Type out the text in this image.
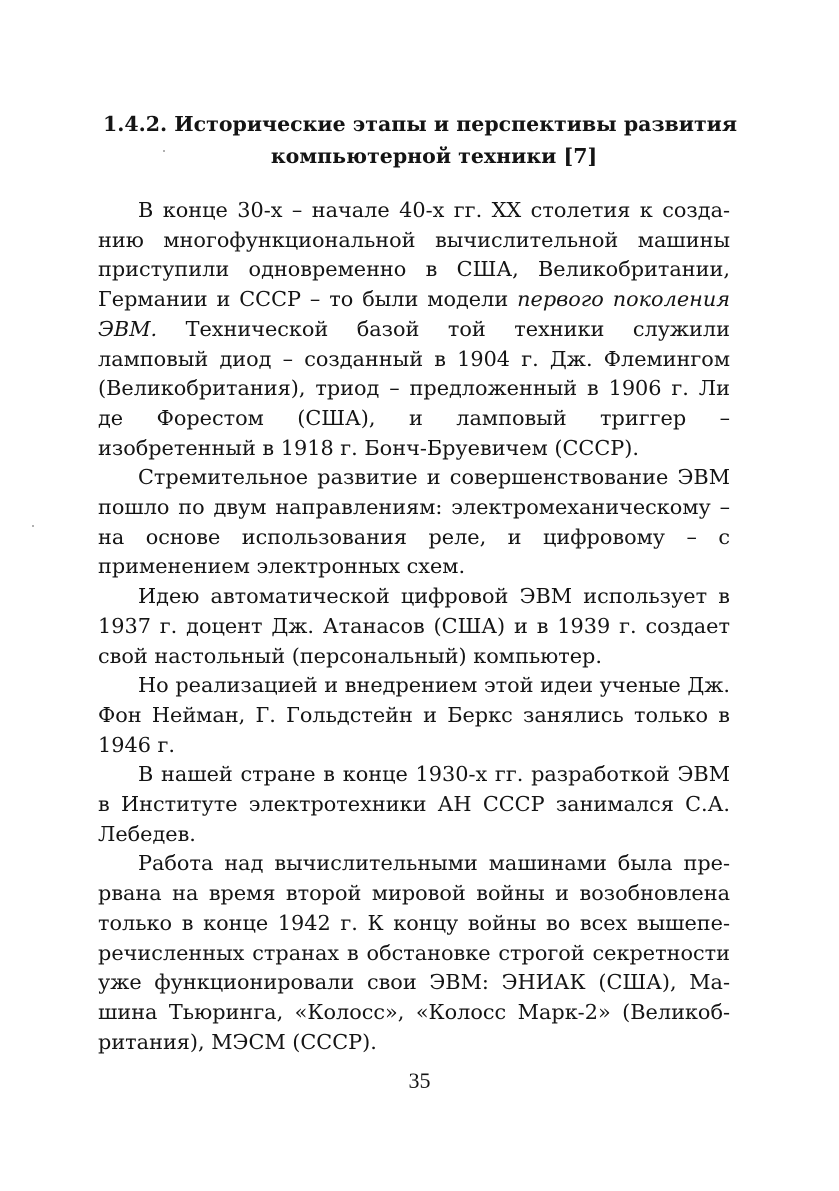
1.4.2. Исторические этапы и перспективы развития
компьютерной техники [7]

В конце 30-х – начале 40-х гг. XX столетия к созданию многофункциональной вычислительной машины приступили одновременно в США, Великобритании, Германии и СССР – то были модели первого поколения ЭВМ. Технической базой той техники служили ламповый диод – созданный в 1904 г. Дж. Флемингом (Великобритания), триод – предложенный в 1906 г. Ли де Форестом (США), и ламповый триггер – изобретенный в 1918 г. Бонч-Бруевичем (СССР).

Стремительное развитие и совершенствование ЭВМ пошло по двум направлениям: электромеханическому – на основе использования реле, и цифровому – с применением электронных схем.

Идею автоматической цифровой ЭВМ использует в 1937 г. доцент Дж. Атанасов (США) и в 1939 г. создает свой настольный (персональный) компьютер.

Но реализацией и внедрением этой идеи ученые Дж. Фон Нейман, Г. Гольдстейн и Беркс занялись только в 1946 г.

В нашей стране в конце 1930-х гг. разработкой ЭВМ в Институте электротехники АН СССР занимался С.А. Лебедев.

Работа над вычислительными машинами была прервана на время второй мировой войны и возобновлена только в конце 1942 г. К концу войны во всех вышеперечисленных странах в обстановке строгой секретности уже функционировали свои ЭВМ: ЭНИАК (США), Машина Тьюринга, «Колосс», «Колосс Марк-2» (Великобритания), МЭСМ (СССР).

35
